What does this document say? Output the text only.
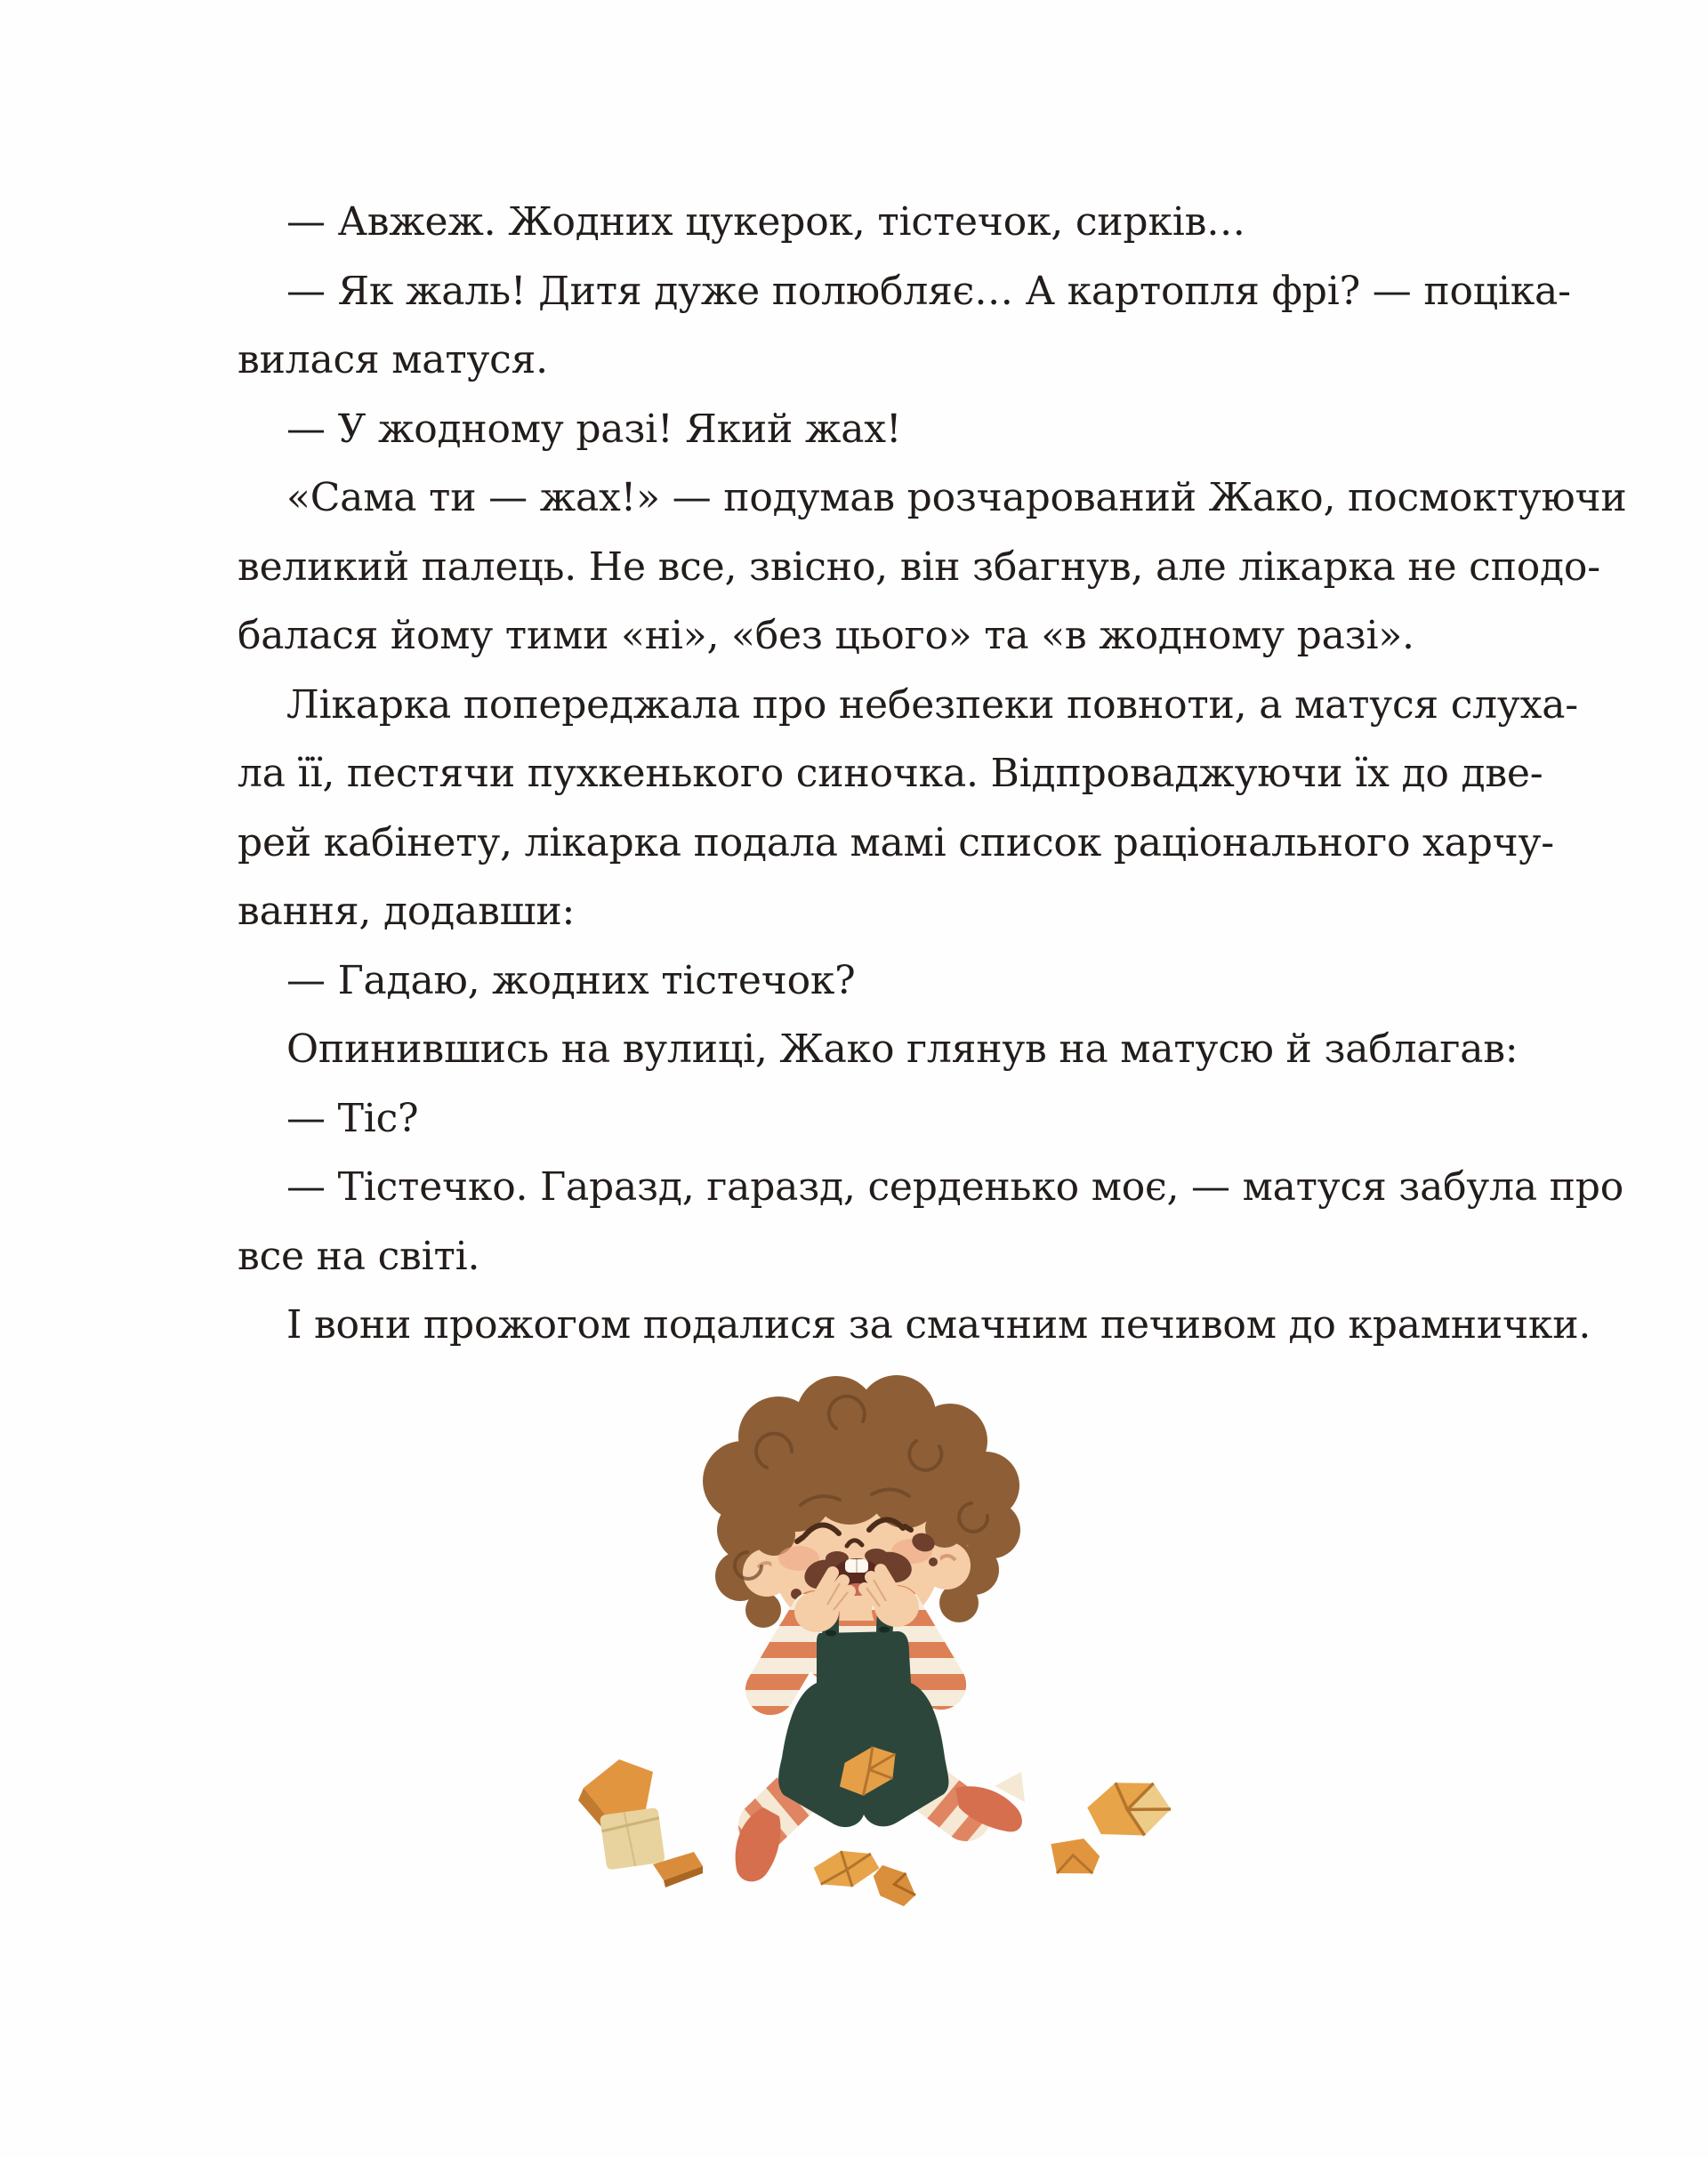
— Авжеж. Жодних цукерок, тістечок, сирків…
— Як жаль! Дитя дуже полюбляє… А картопля фрі? — поціка-
вилася матуся.
— У жодному разі! Який жах!
«Сама ти — жах!» — подумав розчарований Жако, посмоктуючи
великий палець. Не все, звісно, він збагнув, але лікарка не сподо-
балася йому тими «ні», «без цього» та «в жодному разі».
Лікарка попереджала про небезпеки повноти, а матуся слуха-
ла її, пестячи пухкенького синочка. Відпроваджуючи їх до две-
рей кабінету, лікарка подала мамі список раціонального харчу-
вання, додавши:
— Гадаю, жодних тістечок?
Опинившись на вулиці, Жако глянув на матусю й заблагав:
— Тіс?
— Тістечко. Гаразд, гаразд, серденько моє, — матуся забула про
все на світі.
І вони прожогом подалися за смачним печивом до крамнички.
